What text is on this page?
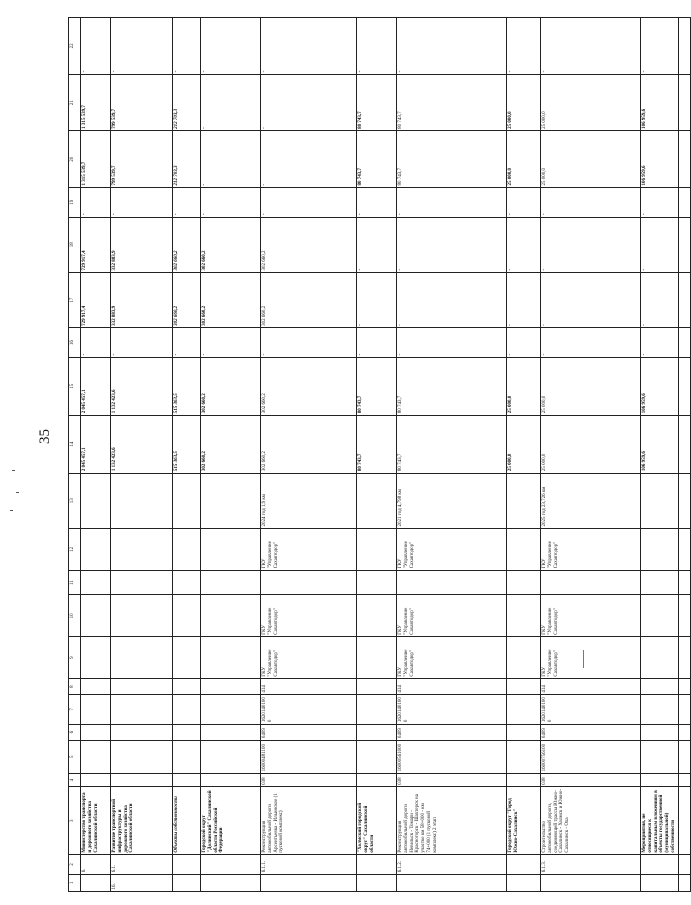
35
1	2	3	4	5	6	7	8	9	10	11	12	13	14	15	16	17	18	19	20	21	22
	6.	Министерство транспорта и дорожного хозяйства Сахалинской области											2 045 457,1	2 045 457,1	-	729 917,4	729 917,4	-	1 315 539,7	1 315 539,7	-
16.	6.1.	Развитие транспортной инфраструктуры и дорожного хозяйства Сахалинской области											1 132 423,6	1 132 423,6	-	332 883,9	332 883,9	-	799 539,7	799 539,7	-
		Объекты собственности											515 363,5	515 363,5	-	302 660,2	302 660,2	-	212 703,3	212 703,3	-
		Городской округ "Долинский" Сахалинской области Российской Федерации											302 660,2	302 660,2	-	302 660,2	302 660,2	-	-	-	-
	6.1.1.	Реконструкция автомобильной дороги Арсентьевка - Ильинское (1 пусковой комплекс)	038	16000481100	0409	16201401000	414	ГКУ "Управление Сахавтодор"	ГКУ "Управление Сахавтодор"		ГКУ "Управление Сахавтодор"	2024 год 1,9 км	302 660,2	302 660,2	-	302 660,2	302 660,2	-	-	-	-
		"Холмский городской округ" Сахалинской области											80 743,7	80 743,7	-	-	-	-	80 743,7	80 743,7	-
	6.1.2.	Реконструкция автомобильной дороги Невельск - Томари - Красногорск - Шахтерск на участке км 58+000 - км 74+000 (1 пусковой комплекс) 2 этап	038	16000561000	0409	16201401000	414	ГКУ "Управление Сахавтодор"	ГКУ "Управление Сахавтодор"		ГКУ "Управление Сахавтодор"	2021 год 4,798 км	80 743,7	80 743,7	-	-	-	-	80 743,7	80 743,7	-
		Городской округ "Город Южно-Сахалинск"											25 000,0	25 000,0	-	-	-	-	25 000,0	25 000,0	-
	6.1.3.	Строительство автомобильной дороги, соединяющей трассы Южно-Сахалинск - Холмск и Южно-Сахалинск - Оха	038	16000756100	0409	16201401000	414	ГКУ "Управление Сахавтодор"	ГКУ "Управление Сахавтодор"		ГКУ "Управление Сахавтодор"	2025 год 23,726 км	25 000,0	25 000,0	-	-	-	-	25 000,0	25 000,0	-
		Мероприятия, не относящиеся к капитальным вложениям в объекты государственной (муниципальной) собственности											106 959,6	106 959,6	-	-	-	-	106 959,6	106 959,6	-
